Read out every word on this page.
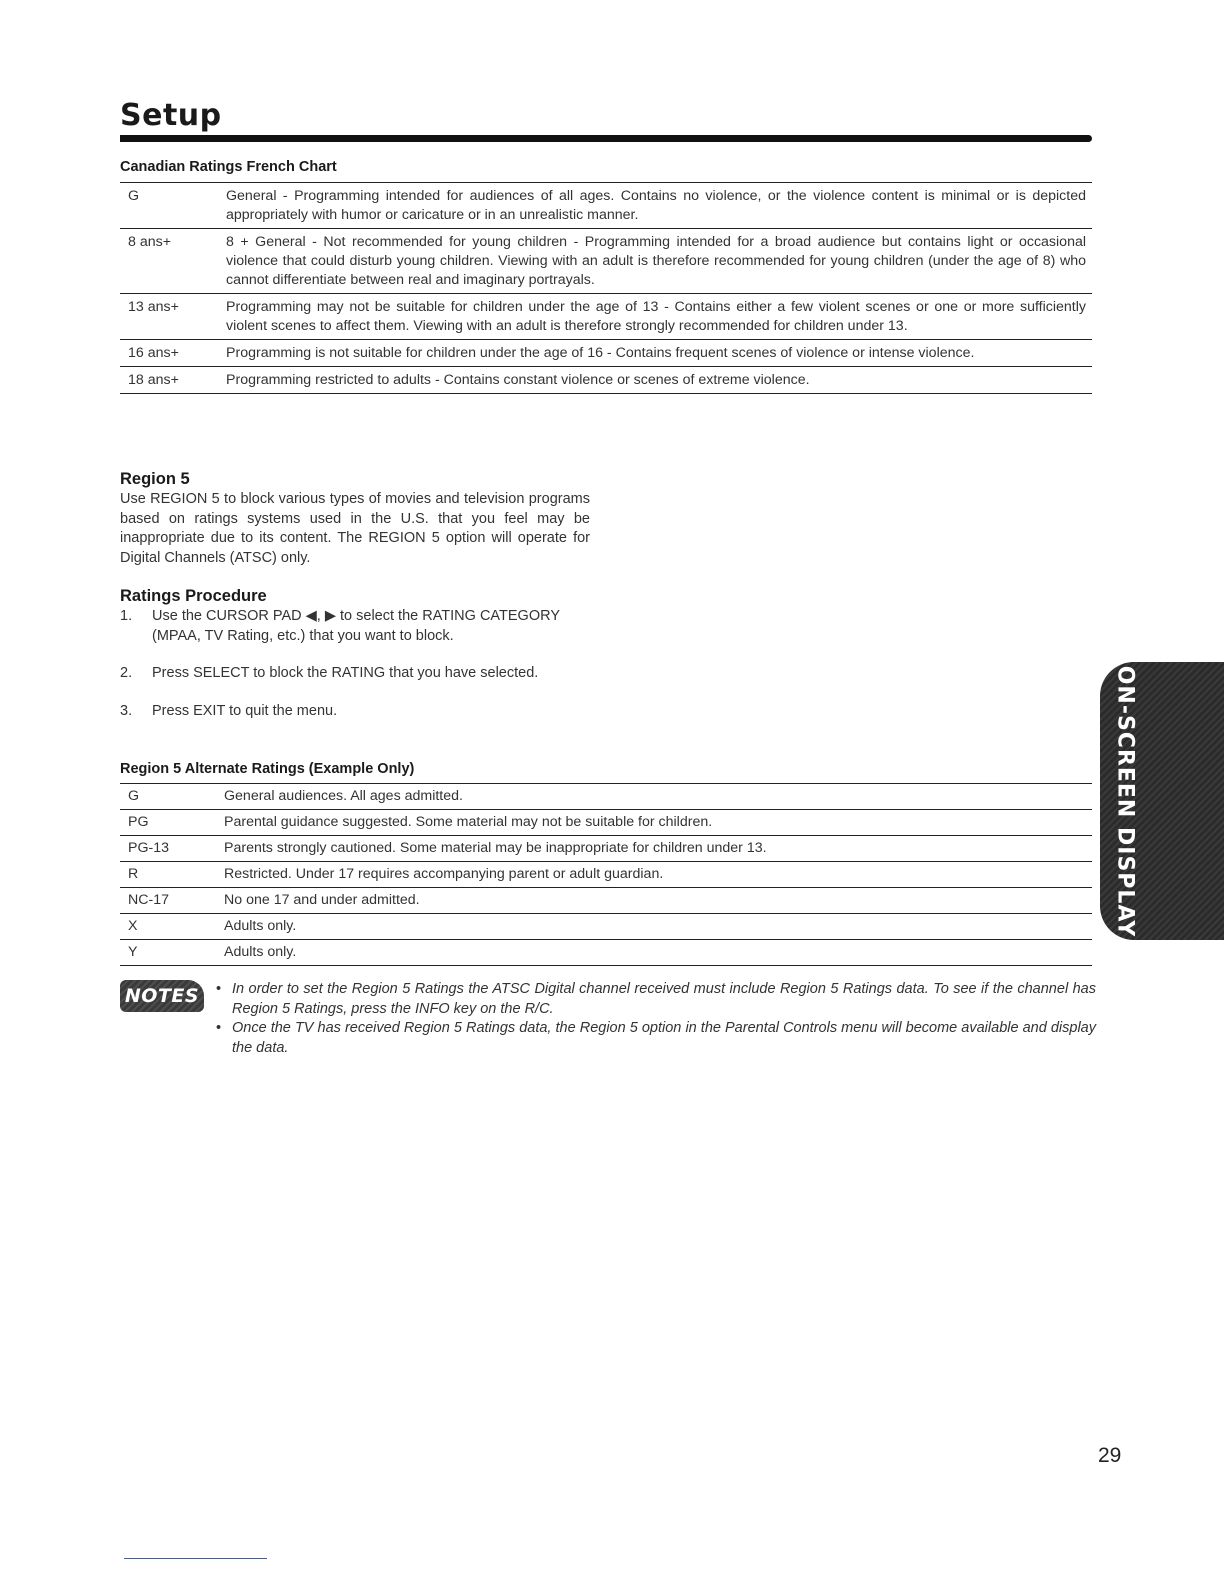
Setup
Canadian Ratings French Chart
G	General - Programming intended for audiences of all ages. Contains no violence, or the violence content is minimal or is depicted appropriately with humor or caricature or in an unrealistic manner.
8 ans+	8 + General - Not recommended for young children - Programming intended for a broad audience but contains light or occasional violence that could disturb young children. Viewing with an adult is therefore recommended for young children (under the age of 8) who cannot differentiate between real and imaginary portrayals.
13 ans+	Programming may not be suitable for children under the age of 13 - Contains either a few violent scenes or one or more sufficiently violent scenes to affect them. Viewing with an adult is therefore strongly recommended for children under 13.
16 ans+	Programming is not suitable for children under the age of 16 - Contains frequent scenes of violence or intense violence.
18 ans+	Programming restricted to adults - Contains constant violence or scenes of extreme violence.
Region 5

Use REGION 5 to block various types of movies and television programs based on ratings systems used in the U.S. that you feel may be inappropriate due to its content. The REGION 5 option will operate for Digital Channels (ATSC) only.

Ratings Procedure
1. Use the CURSOR PAD ◀, ▶ to select the RATING CATEGORY (MPAA, TV Rating, etc.) that you want to block.
2. Press SELECT to block the RATING that you have selected.
3. Press EXIT to quit the menu.
Region 5 Alternate Ratings (Example Only)
G	General audiences. All ages admitted.
PG	Parental guidance suggested. Some material may not be suitable for children.
PG-13	Parents strongly cautioned. Some material may be inappropriate for children under 13.
R	Restricted. Under 17 requires accompanying parent or adult guardian.
NC-17	No one 17 and under admitted.
X	Adults only.
Y	Adults only.
NOTES • In order to set the Region 5 Ratings the ATSC Digital channel received must include Region 5 Ratings data. To see if the channel has Region 5 Ratings, press the INFO key on the R/C.
• Once the TV has received Region 5 Ratings data, the Region 5 option in the Parental Controls menu will become available and display the data.
ON-SCREEN DISPLAY
29
